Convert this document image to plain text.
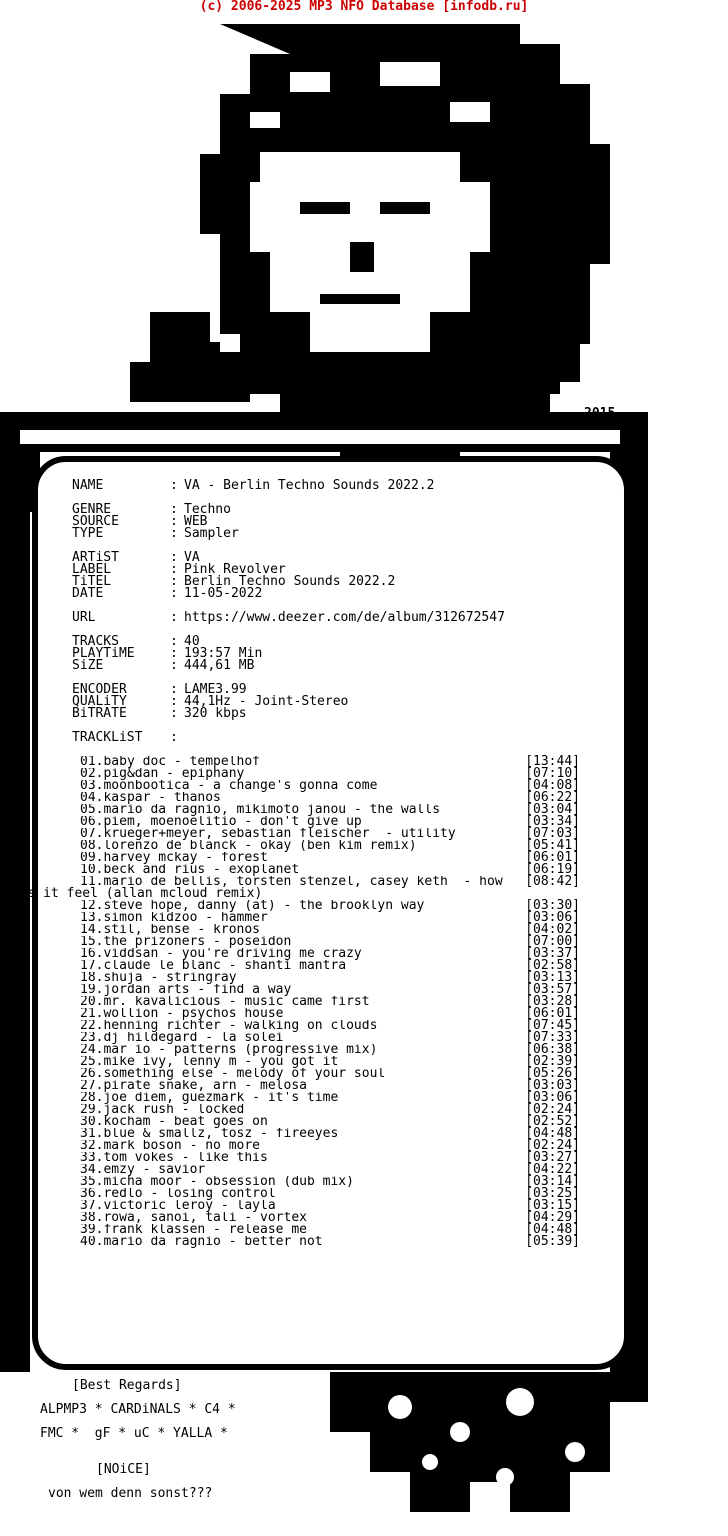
(c) 2006-2025 MP3 NFO Database [infodb.ru]
2015
SiNCE
NAME	: VA - Berlin Techno Sounds 2022.2
GENRE	: Techno
SOURCE	: WEB
TYPE	: Sampler
ARTiST	: VA
LABEL	: Pink Revolver
TiTEL	: Berlin Techno Sounds 2022.2
DATE	: 11-05-2022
URL	: https://www.deezer.com/de/album/312672547
TRACKS	: 40
PLAYTiME	: 193:57 Min
SiZE	: 444,61 MB
ENCODER	: LAME3.99
QUALiTY	: 44,1Hz - Joint-Stereo
BiTRATE	: 320 kbps
TRACKLiST	:
01.baby doc - tempelhof	[13:44]
02.pig&dan - epiphany	[07:10]
03.moonbootica - a change's gonna come	[04:08]
04.kaspar - thanos	[06:22]
05.mario da ragnio, mikimoto janou - the walls	[03:04]
06.piem, moenoelitio - don't give up	[03:34]
07.krueger+meyer, sebastian fleischer  - utility	[07:03]
08.lorenzo de blanck - okay (ben kim remix)	[05:41]
09.harvey mckay - forest	[06:01]
10.beck and rius - exoplanet	[06:19]
11.mario de bellis, torsten stenzel, casey keth  - how [08:42]
does it feel (allan mcloud remix)
12.steve hope, danny (at) - the brooklyn way	[03:30]
13.simon kidzoo - hammer	[03:06]
14.stil, bense - kronos	[04:02]
15.the prizoners - poseidon	[07:00]
16.viddsan - you're driving me crazy	[03:37]
17.claude le blanc - shanti mantra	[02:58]
18.shuja - stringray	[03:13]
19.jordan arts - find a way	[03:57]
20.mr. kavalicious - music came first	[03:28]
21.wollion - psychos house	[06:01]
22.henning richter - walking on clouds	[07:45]
23.dj hildegard - la solei	[07:33]
24.mar io - patterns (progressive mix)	[06:38]
25.mike ivy, lenny m - you got it	[02:39]
26.something else - melody of your soul	[05:26]
27.pirate snake, arn - melosa	[03:03]
28.joe diem, guezmark - it's time	[03:06]
29.jack rush - locked	[02:24]
30.kocham - beat goes on	[02:52]
31.blue & smallz, tosz - fireeyes	[04:48]
32.mark boson - no more	[02:24]
33.tom vokes - like this	[03:27]
34.emzy - savior	[04:22]
35.micha moor - obsession (dub mix)	[03:14]
36.redlo - losing control	[03:25]
37.victoric leroy - layla	[03:15]
38.rowa, sanoi, tali - vortex	[04:29]
39.frank klassen - release me	[04:48]
40.mario da ragnio - better not	[05:39]
[Best Regards]
ALPMP3 * CARDiNALS * C4 *
FMC *  gF * uC * YALLA *
[NOiCE]
von wem denn sonst???
